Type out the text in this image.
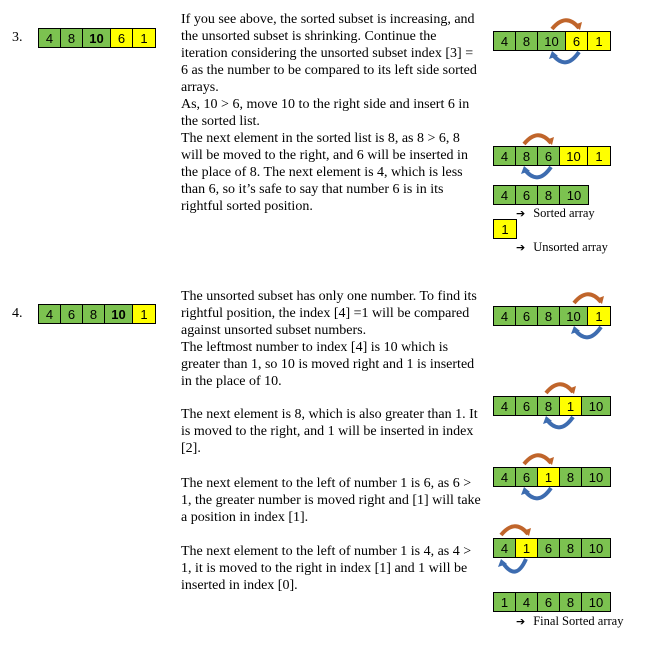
3.	4	8	10	6	1

If you see above, the sorted subset is increasing, and the unsorted subset is shrinking. Continue the iteration considering the unsorted subset index [3] = 6 as the number to be compared to its left side sorted arrays.

As, 10 > 6, move 10 to the right side and insert 6 in the sorted list.

The next element in the sorted list is 8, as 8 > 6, 8 will be moved to the right, and 6 will be inserted in the place of 8. The next element is 4, which is less than 6, so it’s safe to say that number 6 is in its rightful sorted position.

4	8	10	6	1
4	8	6	10	1
4	6	8	10
➔ Sorted array
1
➔ Unsorted array
4.	4	6	8	10	1

The unsorted subset has only one number. To find its rightful position, the index [4] =1 will be compared against unsorted subset numbers.

The leftmost number to index [4] is 10 which is greater than 1, so 10 is moved right and 1 is inserted in the place of 10.

The next element is 8, which is also greater than 1. It is moved to the right, and 1 will be inserted in index [2].

The next element to the left of number 1 is 6, as 6 > 1, the greater number is moved right and [1] will take a position in index [1].

The next element to the left of number 1 is 4, as 4 > 1, it is moved to the right in index [1] and 1 will be inserted in index [0].

4	6	8	10	1
4	6	8	1	10
4	6	1	8	10
4	1	6	8	10
1	4	6	8	10
➔ Final Sorted array
